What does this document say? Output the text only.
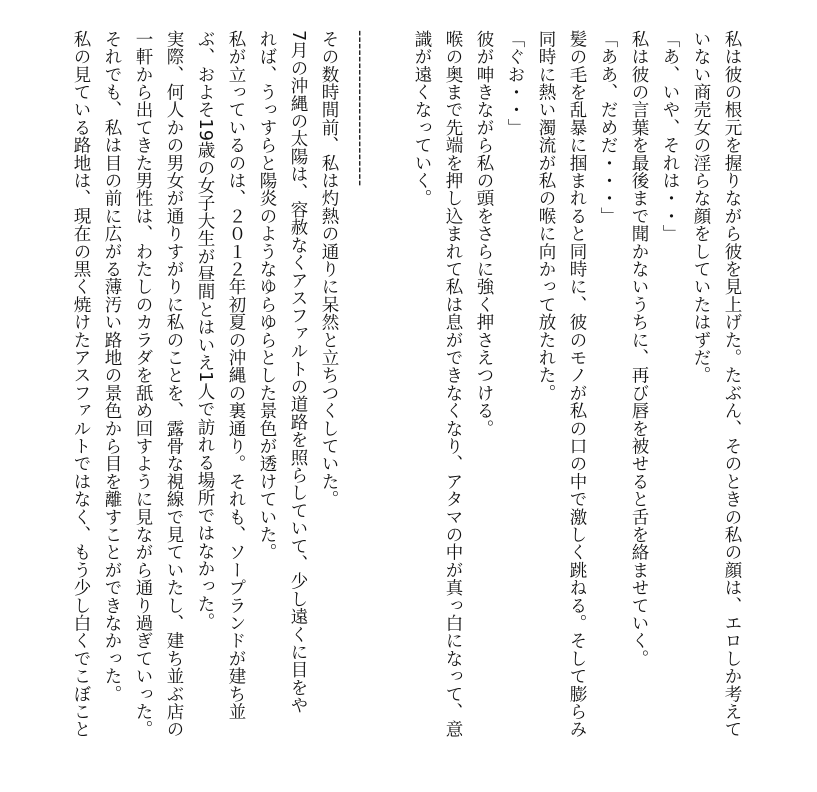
私は彼の根元を握りながら彼を見上げた。たぶん、そのときの私の顔は、エロしか考えて
いない商売女の淫らな顔をしていたはずだ。
「あ、いや、それは・・」
私は彼の言葉を最後まで聞かないうちに、再び唇を被せると舌を絡ませていく。
「ああ、だめだ・・・」
髪の毛を乱暴に掴まれると同時に、彼のモノが私の口の中で激しく跳ねる。そして膨らみ
同時に熱い濁流が私の喉に向かって放たれた。
「ぐお・・」
彼が呻きながら私の頭をさらに強く押さえつける。
喉の奥まで先端を押し込まれて私は息ができなくなり、アタマの中が真っ白になって、意
識が遠くなっていく。
------------------------
その数時間前、私は灼熱の通りに呆然と立ちつくしていた。
7月の沖縄の太陽は、容赦なくアスファルトの道路を照らしていて、少し遠くに目をや
れば、うっすらと陽炎のようなゆらゆらとした景色が透けていた。
私が立っているのは、２０１２年初夏の沖縄の裏通り。それも、ソープランドが建ち並
ぶ、およそ19歳の女子大生が昼間とはいえ1人で訪れる場所ではなかった。
実際、何人かの男女が通りすがりに私のことを、露骨な視線で見ていたし、建ち並ぶ店の
一軒から出てきた男性は、わたしのカラダを舐め回すように見ながら通り過ぎていった。
それでも、私は目の前に広がる薄汚い路地の景色から目を離すことができなかった。
私の見ている路地は、現在の黒く焼けたアスファルトではなく、もう少し白くでこぼこと
